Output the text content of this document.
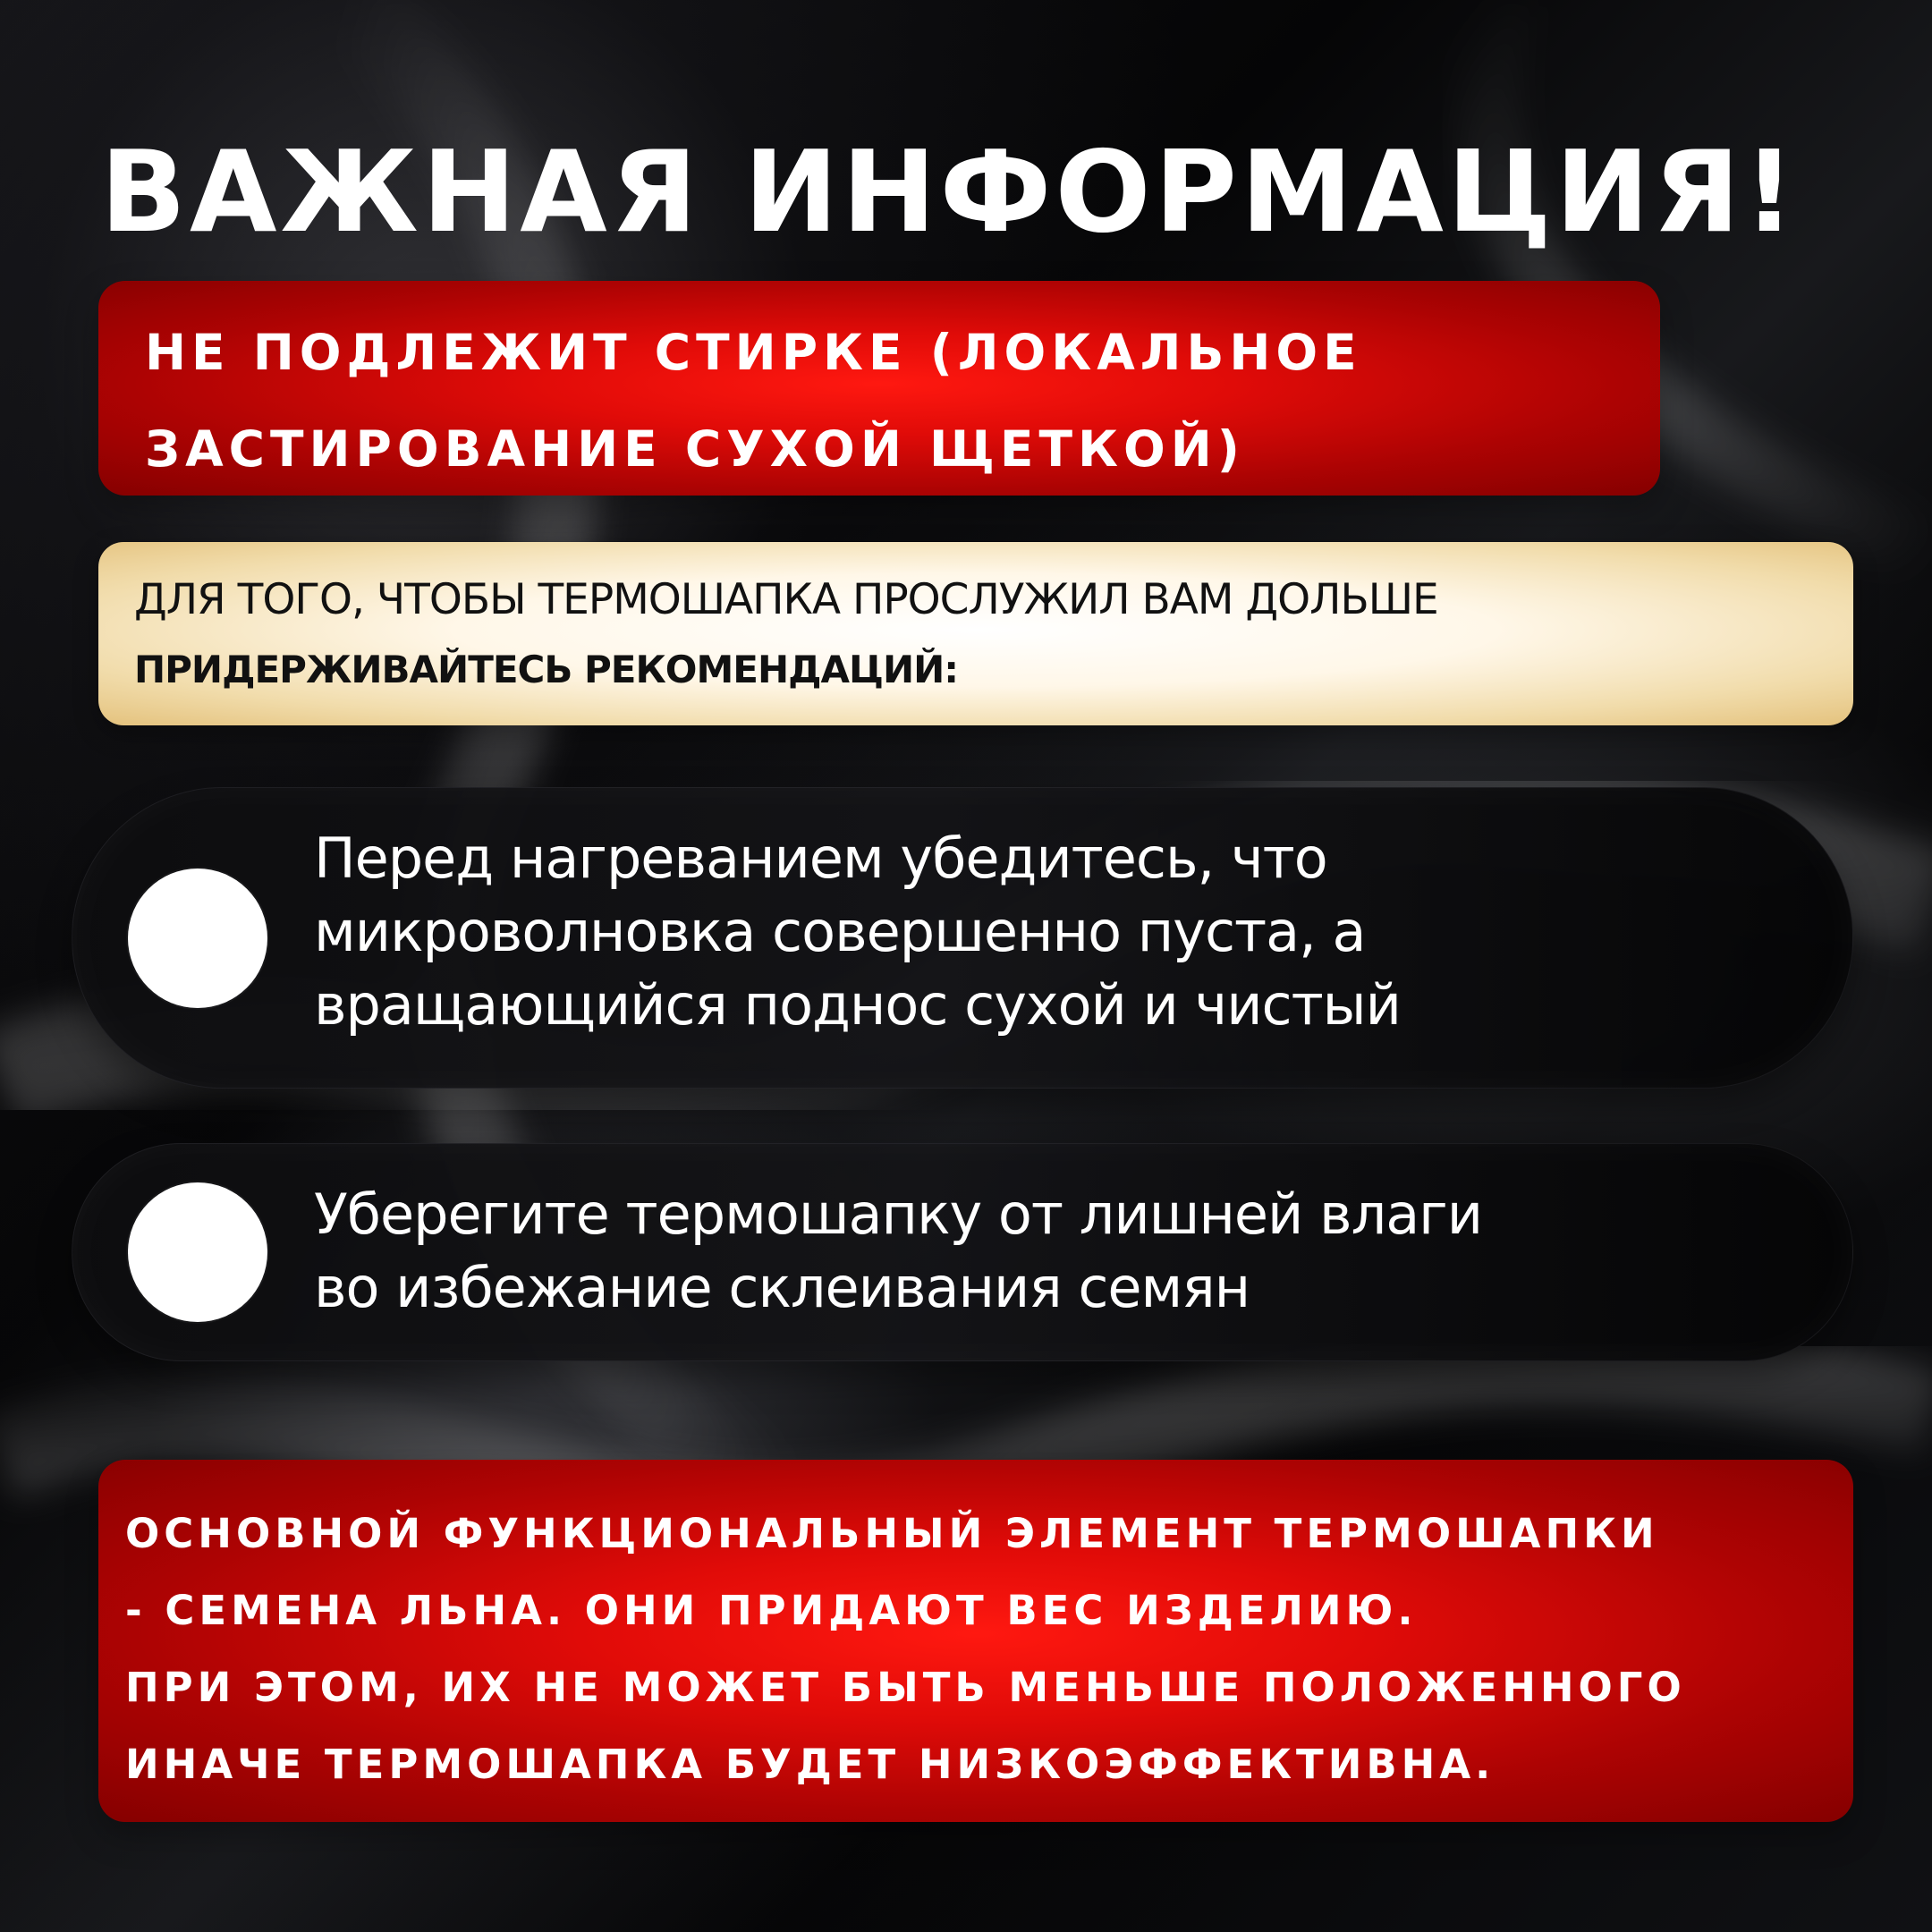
ВАЖНАЯ ИНФОРМАЦИЯ!

НЕ ПОДЛЕЖИТ СТИРКЕ (ЛОКАЛЬНОЕ
ЗАСТИРОВАНИЕ СУХОЙ ЩЕТКОЙ)

ДЛЯ ТОГО, ЧТОБЫ ТЕРМОШАПКА ПРОСЛУЖИЛ ВАМ ДОЛЬШЕ

ПРИДЕРЖИВАЙТЕСЬ РЕКОМЕНДАЦИЙ:

Перед нагреванием убедитесь, что
микроволновка совершенно пуста, а
вращающийся поднос сухой и чистый

Уберегите термошапку от лишней влаги
во избежание склеивания семян

ОСНОВНОЙ ФУНКЦИОНАЛЬНЫЙ ЭЛЕМЕНТ ТЕРМОШАПКИ
- СЕМЕНА ЛЬНА. ОНИ ПРИДАЮТ ВЕС ИЗДЕЛИЮ.
ПРИ ЭТОМ, ИХ НЕ МОЖЕТ БЫТЬ МЕНЬШЕ ПОЛОЖЕННОГО
ИНАЧЕ ТЕРМОШАПКА БУДЕТ НИЗКОЭФФЕКТИВНА.
